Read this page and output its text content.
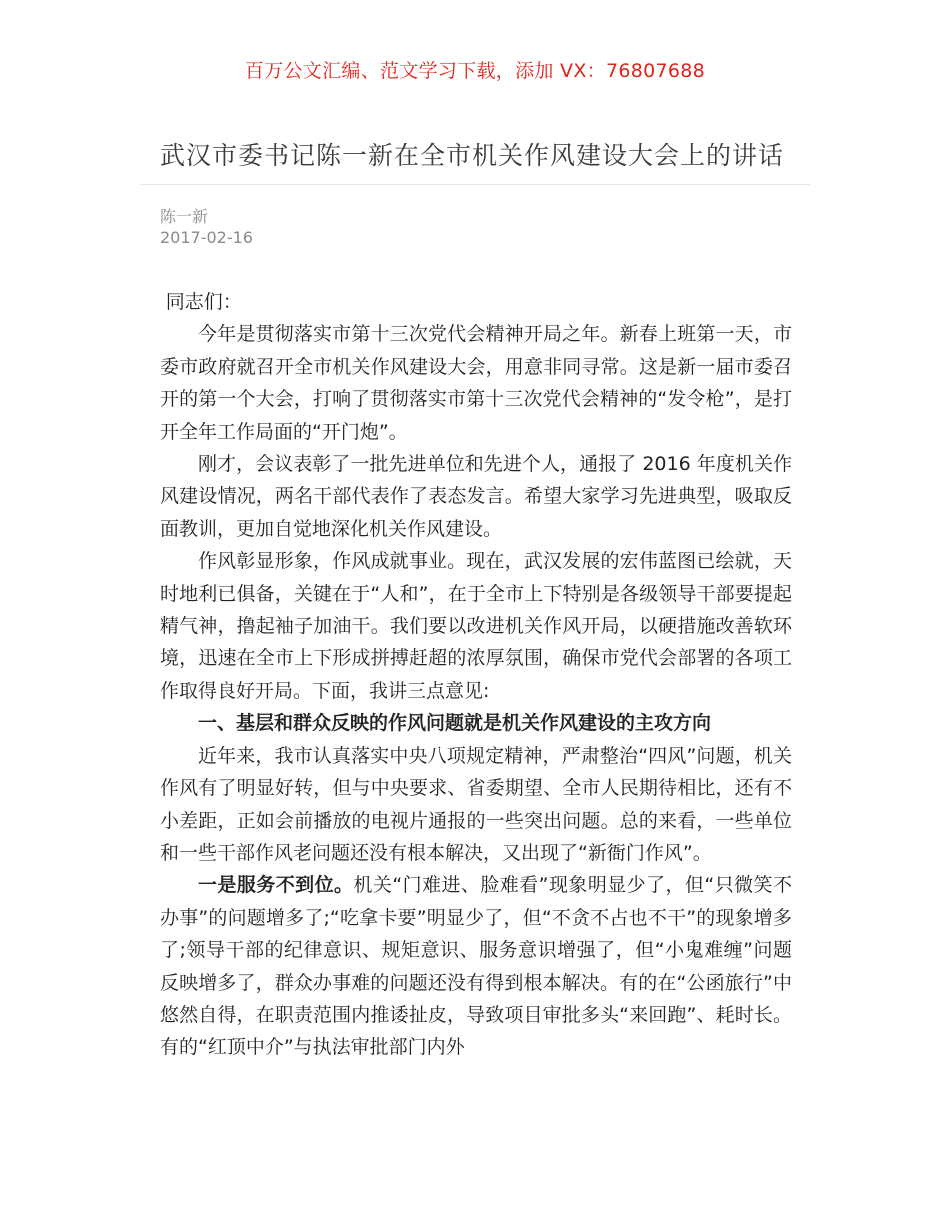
百万公文汇编、范文学习下载，添加 VX：76807688
武汉市委书记陈一新在全市机关作风建设大会上的讲话
陈一新
2017-02-16

同志们：

今年是贯彻落实市第十三次党代会精神开局之年。新春上班第一天，市委市政府就召开全市机关作风建设大会，用意非同寻常。这是新一届市委召开的第一个大会，打响了贯彻落实市第十三次党代会精神的“发令枪”，是打开全年工作局面的“开门炮”。

刚才，会议表彰了一批先进单位和先进个人，通报了 2016 年度机关作风建设情况，两名干部代表作了表态发言。希望大家学习先进典型，吸取反面教训，更加自觉地深化机关作风建设。

作风彰显形象，作风成就事业。现在，武汉发展的宏伟蓝图已绘就，天时地利已俱备，关键在于“人和”，在于全市上下特别是各级领导干部要提起精气神，撸起袖子加油干。我们要以改进机关作风开局，以硬措施改善软环境，迅速在全市上下形成拼搏赶超的浓厚氛围，确保市党代会部署的各项工作取得良好开局。下面，我讲三点意见:

一、基层和群众反映的作风问题就是机关作风建设的主攻方向

近年来，我市认真落实中央八项规定精神，严肃整治“四风”问题，机关作风有了明显好转，但与中央要求、省委期望、全市人民期待相比，还有不小差距，正如会前播放的电视片通报的一些突出问题。总的来看，一些单位和一些干部作风老问题还没有根本解决，又出现了“新衙门作风”。

一是服务不到位。机关“门难进、脸难看”现象明显少了，但“只微笑不办事”的问题增多了;“吃拿卡要”明显少了，但“不贪不占也不干”的现象增多了;领导干部的纪律意识、规矩意识、服务意识增强了，但“小鬼难缠”问题反映增多了，群众办事难的问题还没有得到根本解决。有的在“公函旅行”中悠然自得，在职责范围内推诿扯皮，导致项目审批多头“来回跑”、耗时长。有的“红顶中介”与执法审批部门内外
